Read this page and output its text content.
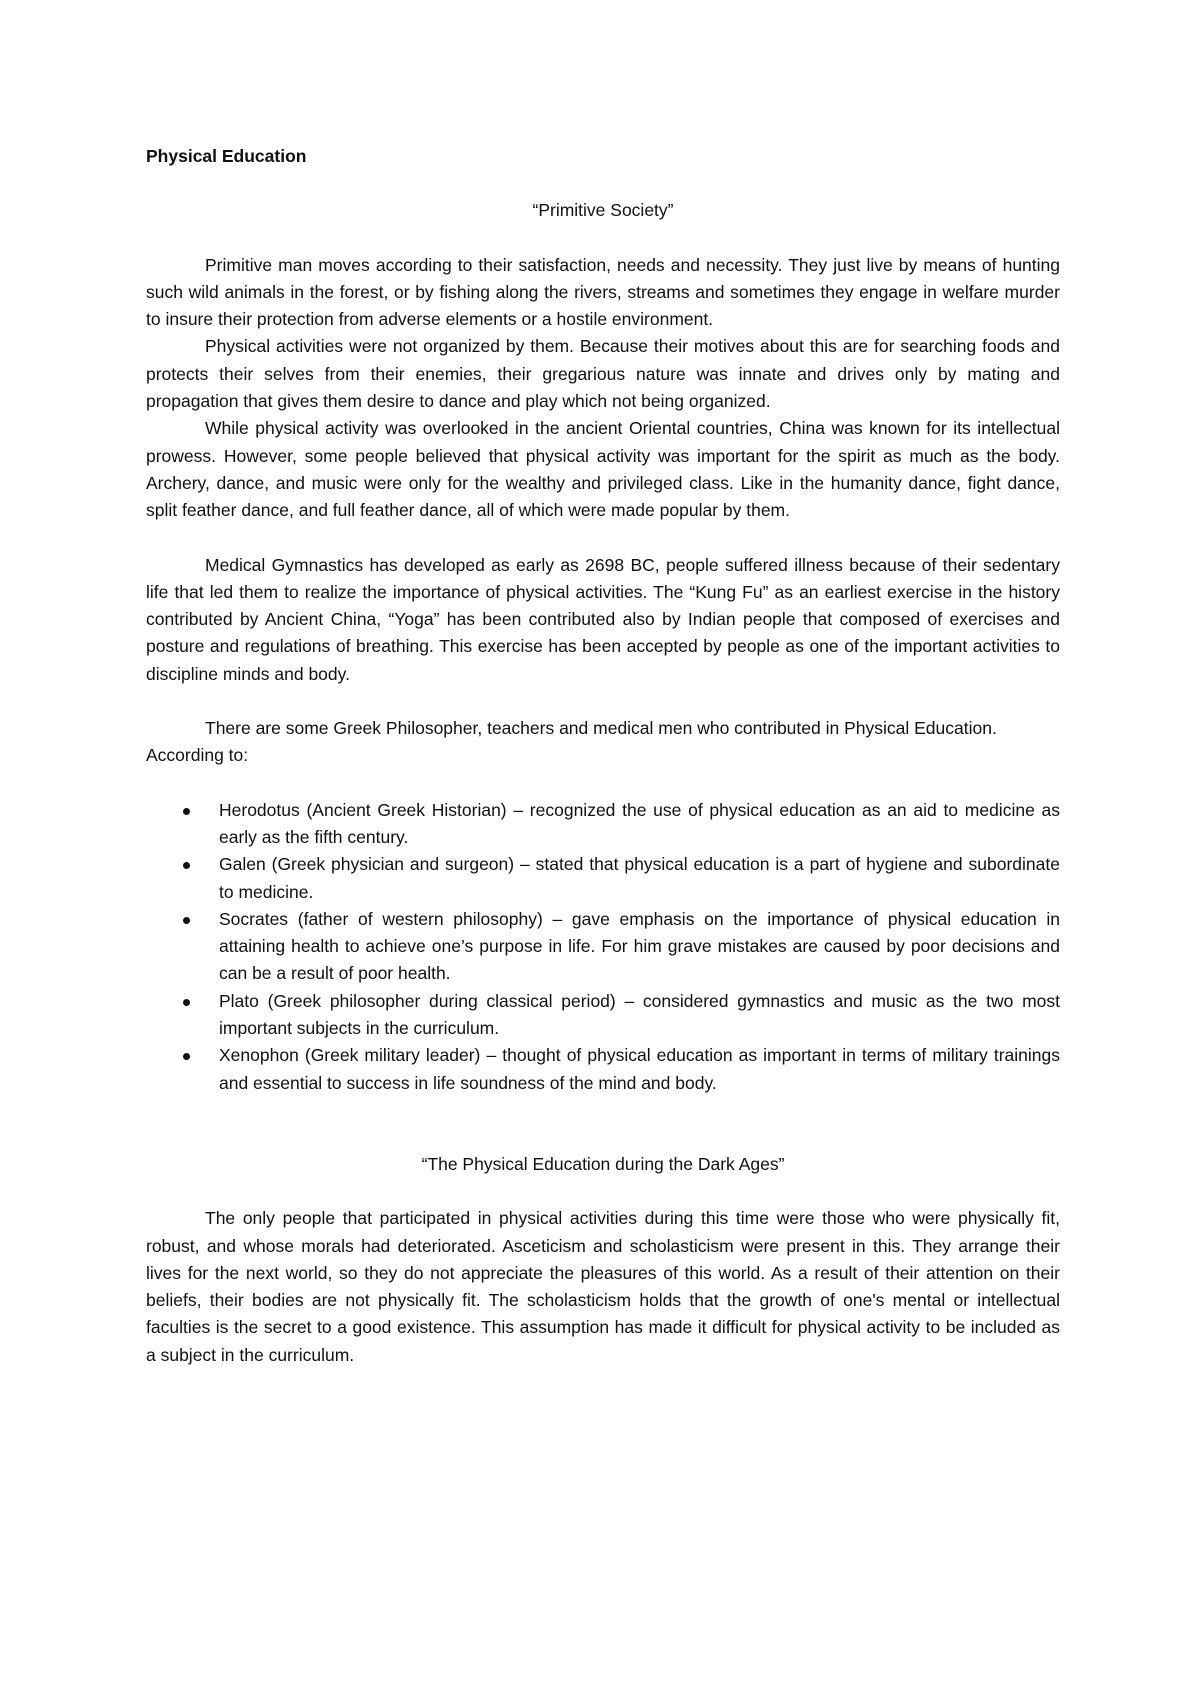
Physical Education

“Primitive Society”

Primitive man moves according to their satisfaction, needs and necessity. They just live by means of hunting such wild animals in the forest, or by fishing along the rivers, streams and sometimes they engage in welfare murder to insure their protection from adverse elements or a hostile environment.

Physical activities were not organized by them. Because their motives about this are for searching foods and protects their selves from their enemies, their gregarious nature was innate and drives only by mating and propagation that gives them desire to dance and play which not being organized.

While physical activity was overlooked in the ancient Oriental countries, China was known for its intellectual prowess. However, some people believed that physical activity was important for the spirit as much as the body. Archery, dance, and music were only for the wealthy and privileged class. Like in the humanity dance, fight dance, split feather dance, and full feather dance, all of which were made popular by them.

Medical Gymnastics has developed as early as 2698 BC, people suffered illness because of their sedentary life that led them to realize the importance of physical activities. The “Kung Fu” as an earliest exercise in the history contributed by Ancient China, “Yoga” has been contributed also by Indian people that composed of exercises and posture and regulations of breathing. This exercise has been accepted by people as one of the important activities to discipline minds and body.

There are some Greek Philosopher, teachers and medical men who contributed in Physical Education.

According to:

Herodotus (Ancient Greek Historian) – recognized the use of physical education as an aid to medicine as early as the fifth century.
Galen (Greek physician and surgeon) – stated that physical education is a part of hygiene and subordinate to medicine.
Socrates (father of western philosophy) – gave emphasis on the importance of physical education in attaining health to achieve one’s purpose in life. For him grave mistakes are caused by poor decisions and can be a result of poor health.
Plato (Greek philosopher during classical period) – considered gymnastics and music as the two most important subjects in the curriculum.
Xenophon (Greek military leader) – thought of physical education as important in terms of military trainings and essential to success in life soundness of the mind and body.

“The Physical Education during the Dark Ages”

The only people that participated in physical activities during this time were those who were physically fit, robust, and whose morals had deteriorated. Asceticism and scholasticism were present in this. They arrange their lives for the next world, so they do not appreciate the pleasures of this world. As a result of their attention on their beliefs, their bodies are not physically fit. The scholasticism holds that the growth of one's mental or intellectual faculties is the secret to a good existence. This assumption has made it difficult for physical activity to be included as a subject in the curriculum.
